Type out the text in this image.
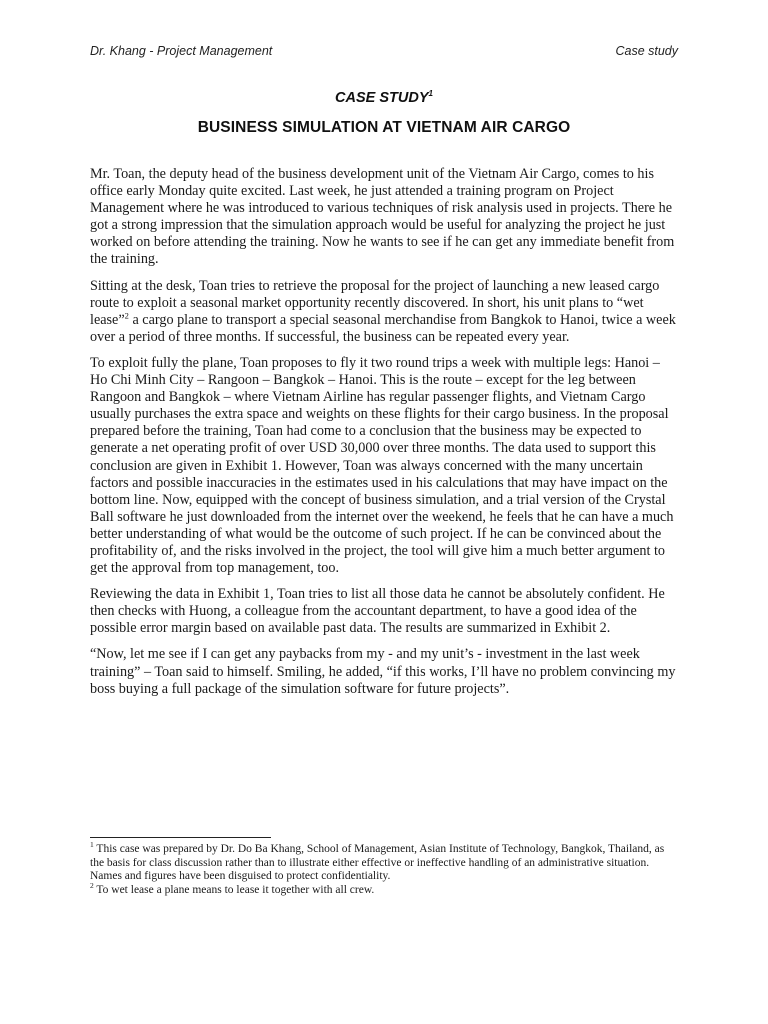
Dr. Khang - Project Management	Case study
CASE STUDY$^1$
BUSINESS SIMULATION AT VIETNAM AIR CARGO

Mr. Toan, the deputy head of the business development unit of the Vietnam Air Cargo, comes to his office early Monday quite excited. Last week, he just attended a training program on Project Management where he was introduced to various techniques of risk analysis used in projects. There he got a strong impression that the simulation approach would be useful for analyzing the project he just worked on before attending the training. Now he wants to see if he can get any immediate benefit from the training.

Sitting at the desk, Toan tries to retrieve the proposal for the project of launching a new leased cargo route to exploit a seasonal market opportunity recently discovered. In short, his unit plans to “wet lease”$^2$ a cargo plane to transport a special seasonal merchandise from Bangkok to Hanoi, twice a week over a period of three months. If successful, the business can be repeated every year.

To exploit fully the plane, Toan proposes to fly it two round trips a week with multiple legs: Hanoi – Ho Chi Minh City – Rangoon – Bangkok – Hanoi. This is the route – except for the leg between Rangoon and Bangkok – where Vietnam Airline has regular passenger flights, and Vietnam Cargo usually purchases the extra space and weights on these flights for their cargo business. In the proposal prepared before the training, Toan had come to a conclusion that the business may be expected to generate a net operating profit of over USD 30,000 over three months. The data used to support this conclusion are given in Exhibit 1. However, Toan was always concerned with the many uncertain factors and possible inaccuracies in the estimates used in his calculations that may have impact on the bottom line. Now, equipped with the concept of business simulation, and a trial version of the Crystal Ball software he just downloaded from the internet over the weekend, he feels that he can have a much better understanding of what would be the outcome of such project. If he can be convinced about the profitability of, and the risks involved in the project, the tool will give him a much better argument to get the approval from top management, too.

Reviewing the data in Exhibit 1, Toan tries to list all those data he cannot be absolutely confident. He then checks with Huong, a colleague from the accountant department, to have a good idea of the possible error margin based on available past data. The results are summarized in Exhibit 2.

“Now, let me see if I can get any paybacks from my - and my unit’s - investment in the last week training” – Toan said to himself. Smiling, he added, “if this works, I’ll have no problem convincing my boss buying a full package of the simulation software for future projects”.

$^1$ This case was prepared by Dr. Do Ba Khang, School of Management, Asian Institute of Technology, Bangkok, Thailand, as the basis for class discussion rather than to illustrate either effective or ineffective handling of an administrative situation. Names and figures have been disguised to protect confidentiality.

$^2$ To wet lease a plane means to lease it together with all crew.
